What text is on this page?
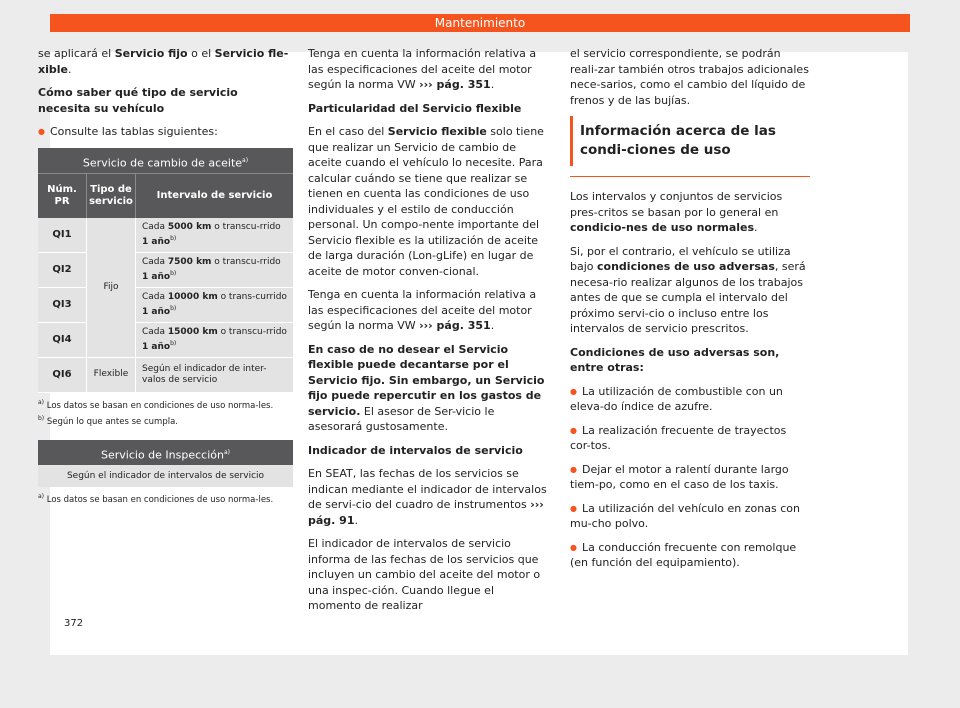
Mantenimiento

se aplicará el Servicio fijo o el Servicio fle-xible.

Cómo saber qué tipo de servicio necesita su vehículo

● Consulte las tablas siguientes:

Servicio de cambio de aceite$^{a)}$
Núm. PR	Tipo de servicio	Intervalo de servicio
QI1	Fijo	Cada 5000 km o transcu-rrido 1 año$^{b)}$
QI2		Cada 7500 km o transcu-rrido 1 año$^{b)}$
QI3		Cada 10000 km o trans-currido 1 año$^{b)}$
QI4		Cada 15000 km o transcu-rrido 1 año$^{b)}$
QI6	Flexible	Según el indicador de inter-valos de servicio
$^{a)}$ Los datos se basan en condiciones de uso norma-les.
$^{b)}$ Según lo que antes se cumpla.
Servicio de Inspección$^{a)}$
Según el indicador de intervalos de servicio
$^{a)}$ Los datos se basan en condiciones de uso norma-les.

Tenga en cuenta la información relativa a las especificaciones del aceite del motor según la norma VW ››› pág. 351.

Particularidad del Servicio flexible

En el caso del Servicio flexible solo tiene que realizar un Servicio de cambio de aceite cuando el vehículo lo necesite. Para calcular cuándo se tiene que realizar se tienen en cuenta las condiciones de uso individuales y el estilo de conducción personal. Un compo-nente importante del Servicio flexible es la utilización de aceite de larga duración (Lon-gLife) en lugar de aceite de motor conven-cional.

Tenga en cuenta la información relativa a las especificaciones del aceite del motor según la norma VW ››› pág. 351.

En caso de no desear el Servicio flexible puede decantarse por el Servicio fijo. Sin embargo, un Servicio fijo puede repercutir en los gastos de servicio. El asesor de Ser-vicio le asesorará gustosamente.

Indicador de intervalos de servicio

En SEAT, las fechas de los servicios se indican mediante el indicador de intervalos de servi-cio del cuadro de instrumentos ››› pág. 91.

El indicador de intervalos de servicio informa de las fechas de los servicios que incluyen un cambio del aceite del motor o una inspec-ción. Cuando llegue el momento de realizar

el servicio correspondiente, se podrán reali-zar también otros trabajos adicionales nece-sarios, como el cambio del líquido de frenos y de las bujías.

Información acerca de las condi-ciones de uso

Los intervalos y conjuntos de servicios pres-critos se basan por lo general en condicio-nes de uso normales.

Si, por el contrario, el vehículo se utiliza bajo condiciones de uso adversas, será necesa-rio realizar algunos de los trabajos antes de que se cumpla el intervalo del próximo servi-cio o incluso entre los intervalos de servicio prescritos.

Condiciones de uso adversas son, entre otras:

● La utilización de combustible con un eleva-do índice de azufre.

● La realización frecuente de trayectos cor-tos.

● Dejar el motor a ralentí durante largo tiem-po, como en el caso de los taxis.

● La utilización del vehículo en zonas con mu-cho polvo.

● La conducción frecuente con remolque (en función del equipamiento).

372
